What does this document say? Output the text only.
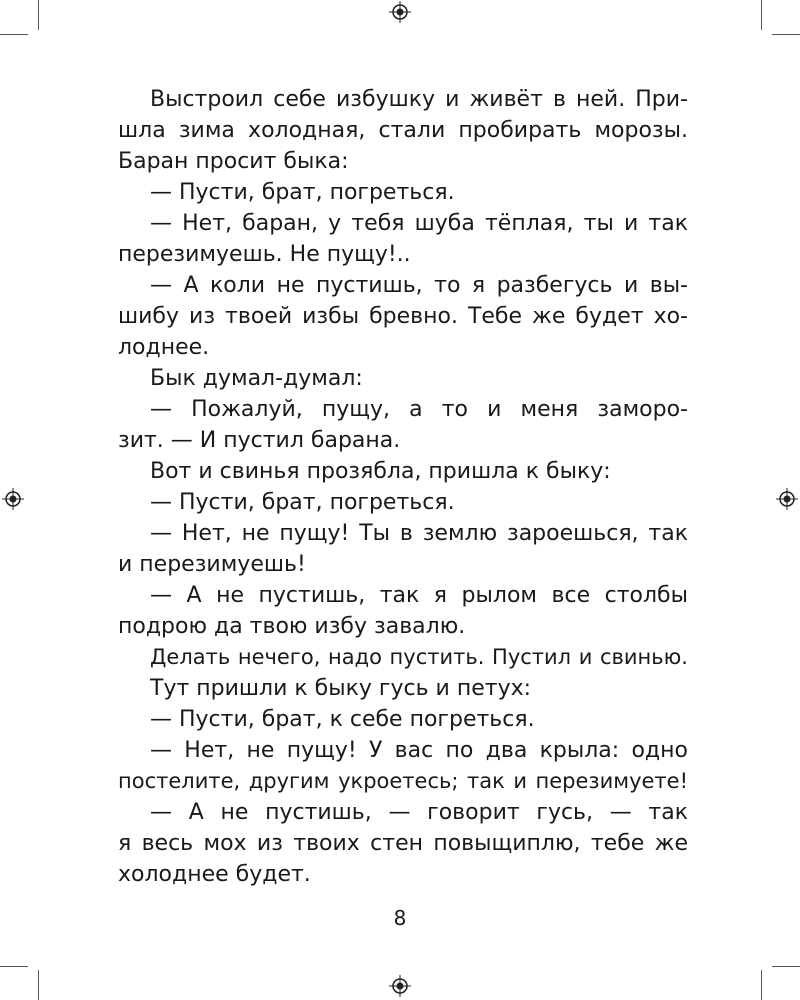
Выстроил себе избушку и живёт в ней. При-
шла зима холодная, стали пробирать морозы.
Баран просит быка:
— Пусти, брат, погреться.
— Нет, баран, у тебя шуба тёплая, ты и так
перезимуешь. Не пущу!..
— А коли не пустишь, то я разбегусь и вы-
шибу из твоей избы бревно. Тебе же будет хо-
лоднее.
Бык думал-думал:
— Пожалуй, пущу, а то и меня заморо-
зит. — И пустил барана.
Вот и свинья прозябла, пришла к быку:
— Пусти, брат, погреться.
— Нет, не пущу! Ты в землю зароешься, так
и перезимуешь!
— А не пустишь, так я рылом все столбы
подрою да твою избу завалю.
Делать нечего, надо пустить. Пустил и свинью.
Тут пришли к быку гусь и петух:
— Пусти, брат, к себе погреться.
— Нет, не пущу! У вас по два крыла: одно
постелите, другим укроетесь; так и перезимуете!
— А не пустишь, — говорит гусь, — так
я весь мох из твоих стен повыщиплю, тебе же
холоднее будет.
8
